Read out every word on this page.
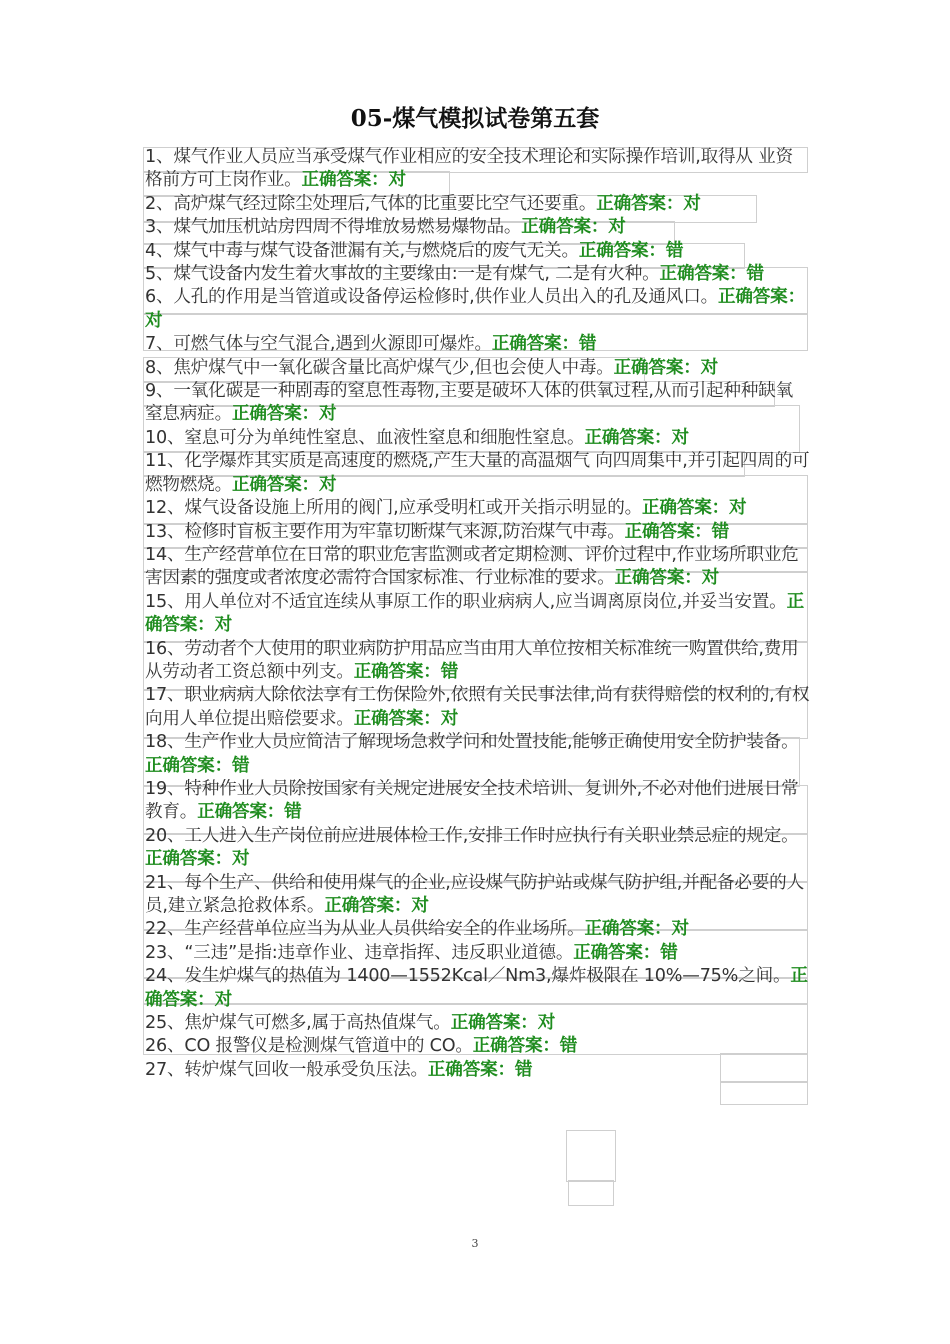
05-煤气模拟试卷第五套

1、煤气作业人员应当承受煤气作业相应的安全技术理论和实际操作培训,取得从 业资格前方可上岗作业。正确答案：对

2、高炉煤气经过除尘处理后,气体的比重要比空气还要重。正确答案：对

3、煤气加压机站房四周不得堆放易燃易爆物品。正确答案：对

4、煤气中毒与煤气设备泄漏有关,与燃烧后的废气无关。正确答案：错

5、煤气设备内发生着火事故的主要缘由:一是有煤气, 二是有火种。正确答案：错

6、人孔的作用是当管道或设备停运检修时,供作业人员出入的孔及通风口。正确答案：对

7、可燃气体与空气混合,遇到火源即可爆炸。正确答案：错

8、焦炉煤气中一氧化碳含量比高炉煤气少,但也会使人中毒。正确答案：对

9、一氧化碳是一种剧毒的窒息性毒物,主要是破坏人体的供氧过程,从而引起种种缺氧窒息病症。正确答案：对

10、窒息可分为单纯性窒息、血液性窒息和细胞性窒息。正确答案：对

11、化学爆炸其实质是高速度的燃烧,产生大量的高温烟气 向四周集中,并引起四周的可燃物燃烧。正确答案：对

12、煤气设备设施上所用的阀门,应承受明杠或开关指示明显的。正确答案：对

13、检修时盲板主要作用为牢靠切断煤气来源,防治煤气中毒。正确答案：错

14、生产经营单位在日常的职业危害监测或者定期检测、评价过程中,作业场所职业危害因素的强度或者浓度必需符合国家标准、行业标准的要求。正确答案：对

15、用人单位对不适宜连续从事原工作的职业病病人,应当调离原岗位,并妥当安置。正确答案：对

16、劳动者个人使用的职业病防护用品应当由用人单位按相关标准统一购置供给,费用从劳动者工资总额中列支。正确答案：错

17、职业病病人除依法享有工伤保险外,依照有关民事法律,尚有获得赔偿的权利的,有权向用人单位提出赔偿要求。正确答案：对

18、生产作业人员应简洁了解现场急救学问和处置技能,能够正确使用安全防护装备。正确答案：错

19、特种作业人员除按国家有关规定进展安全技术培训、复训外,不必对他们进展日常教育。正确答案：错

20、工人进入生产岗位前应进展体检工作,安排工作时应执行有关职业禁忌症的规定。正确答案：对

21、每个生产、供给和使用煤气的企业,应设煤气防护站或煤气防护组,并配备必要的人员,建立紧急抢救体系。正确答案：对

22、生产经营单位应当为从业人员供给安全的作业场所。正确答案：对

23、“三违”是指:违章作业、违章指挥、违反职业道德。正确答案：错

24、发生炉煤气的热值为 1400—1552Kcal／Nm3,爆炸极限在 10%—75%之间。正确答案：对

25、焦炉煤气可燃多,属于高热值煤气。正确答案：对

26、CO 报警仪是检测煤气管道中的 CO。正确答案：错

27、转炉煤气回收一般承受负压法。正确答案：错

3
